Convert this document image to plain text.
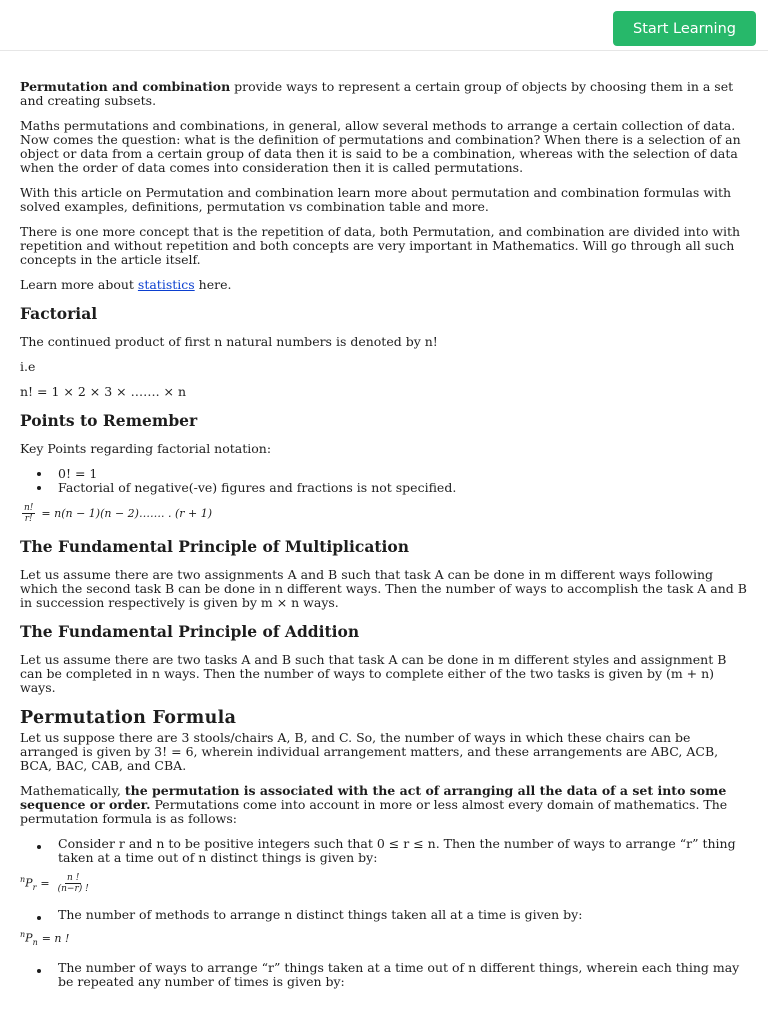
Start Learning

Permutation and combination provide ways to represent a certain group of objects by choosing them in a set and creating subsets.

Maths permutations and combinations, in general, allow several methods to arrange a certain collection of data. Now comes the question: what is the definition of permutations and combination? When there is a selection of an object or data from a certain group of data then it is said to be a combination, whereas with the selection of data when the order of data comes into consideration then it is called permutations.

With this article on Permutation and combination learn more about permutation and combination formulas with solved examples, definitions, permutation vs combination table and more.

There is one more concept that is the repetition of data, both Permutation, and combination are divided into with repetition and without repetition and both concepts are very important in Mathematics. Will go through all such concepts in the article itself.

Learn more about statistics here.

Factorial

The continued product of first n natural numbers is denoted by n!

i.e

n! = 1 × 2 × 3 × ……. × n

Points to Remember

Key Points regarding factorial notation:

0! = 1
Factorial of negative(-ve) figures and fractions is not specified.
$\frac{n!}{r!} = n(n - 1)(n$ − 2)……. . (r + 1)
The Fundamental Principle of Multiplication

Let us assume there are two assignments A and B such that task A can be done in m different ways following which the second task B can be done in n different ways. Then the number of ways to accomplish the task A and B in succession respectively is given by m × n ways.

The Fundamental Principle of Addition

Let us assume there are two tasks A and B such that task A can be done in m different styles and assignment B can be completed in n ways. Then the number of ways to complete either of the two tasks is given by (m + n) ways.

Permutation Formula

Let us suppose there are 3 stools/chairs A, B, and C. So, the number of ways in which these chairs can be arranged is given by 3! = 6, wherein individual arrangement matters, and these arrangements are ABC, ACB, BCA, BAC, CAB, and CBA.

Mathematically, the permutation is associated with the act of arranging all the data of a set into some sequence or order. Permutations come into account in more or less almost every domain of mathematics. The permutation formula is as follows:

Consider r and n to be positive integers such that 0 ≤ r ≤ n. Then the number of ways to arrange “r” thing taken at a time out of n distinct things is given by:
$^nP_r = \frac{n !}{(n-r) !}$
The number of methods to arrange n distinct things taken all at a time is given by:
$^nP_n = n$ !
The number of ways to arrange “r” things taken at a time out of n different things, wherein each thing may be repeated any number of times is given by:
